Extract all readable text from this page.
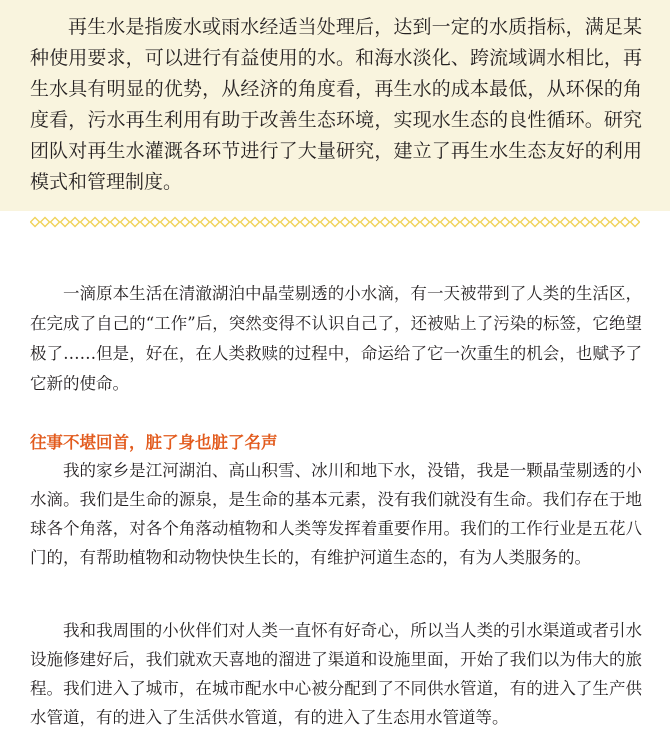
再生水是指废水或雨水经适当处理后，达到一定的水质指标，满足某种使用要求，可以进行有益使用的水。和海水淡化、跨流域调水相比，再生水具有明显的优势，从经济的角度看，再生水的成本最低，从环保的角度看，污水再生利用有助于改善生态环境，实现水生态的良性循环。研究团队对再生水灌溉各环节进行了大量研究，建立了再生水生态友好的利用模式和管理制度。

一滴原本生活在清澈湖泊中晶莹剔透的小水滴，有一天被带到了人类的生活区，在完成了自己的“工作”后，突然变得不认识自己了，还被贴上了污染的标签，它绝望极了……但是，好在，在人类救赎的过程中，命运给了它一次重生的机会，也赋予了它新的使命。

往事不堪回首，脏了身也脏了名声

我的家乡是江河湖泊、高山积雪、冰川和地下水，没错，我是一颗晶莹剔透的小水滴。我们是生命的源泉，是生命的基本元素，没有我们就没有生命。我们存在于地球各个角落，对各个角落动植物和人类等发挥着重要作用。我们的工作行业是五花八门的，有帮助植物和动物快快生长的，有维护河道生态的，有为人类服务的。

我和我周围的小伙伴们对人类一直怀有好奇心，所以当人类的引水渠道或者引水设施修建好后，我们就欢天喜地的溜进了渠道和设施里面，开始了我们以为伟大的旅程。我们进入了城市，在城市配水中心被分配到了不同供水管道，有的进入了生产供水管道，有的进入了生活供水管道，有的进入了生态用水管道等。
